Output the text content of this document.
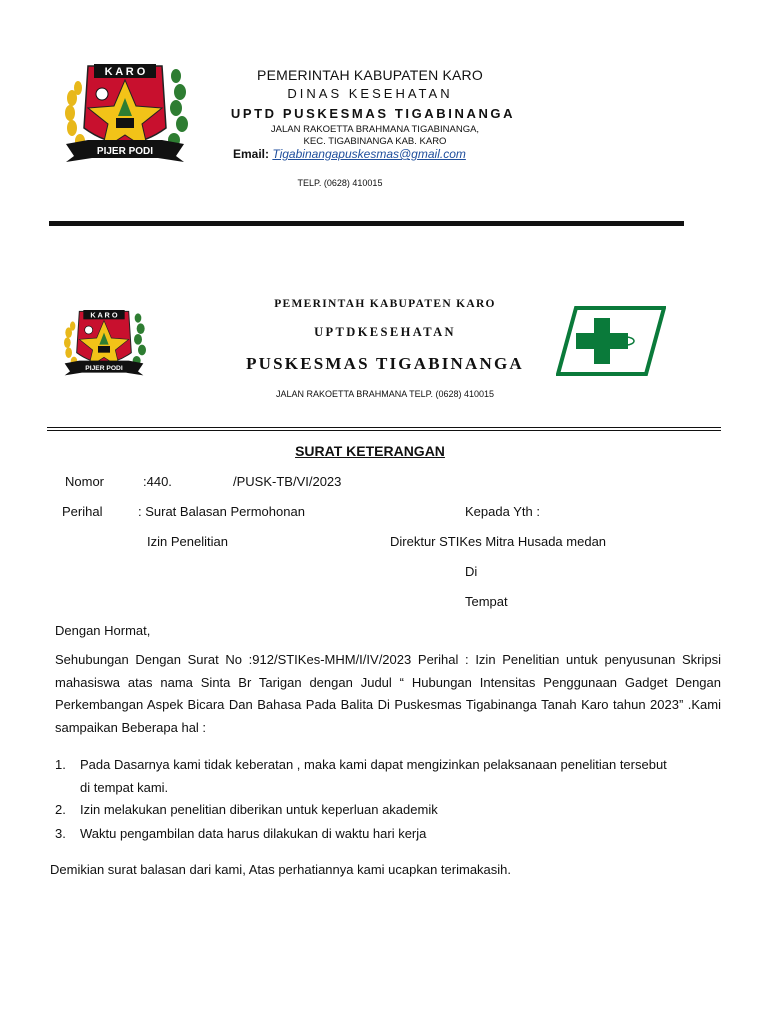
K A R O
PIJER PODI
PEMERINTAH KABUPATEN KARO
DINAS KESEHATAN
UPTD PUSKESMAS TIGABINANGA
JALAN RAKOETTA BRAHMANA TIGABINANGA,
KEC. TIGABINANGA KAB. KARO
Email: Tigabinangapuskesmas@gmail.com
TELP. (0628) 410015
K A R O
PIJER PODI
PEMERINTAH KABUPATEN KARO
UPTDKESEHATAN
PUSKESMAS TIGABINANGA
JALAN RAKOETTA BRAHMANA TELP. (0628) 410015
SURAT KETERANGAN
Nomor	:440.	/PUSK-TB/VI/2023
Perihal	: Surat Balasan Permohonan	Kepada Yth :
Izin Penelitian	Direktur STIKes Mitra Husada medan
Di
Tempat
Dengan Hormat,
Sehubungan Dengan Surat No :912/STIKes-MHM/I/IV/2023 Perihal : Izin Penelitian untuk penyusunan Skripsi mahasiswa atas nama Sinta Br Tarigan dengan Judul “ Hubungan Intensitas Penggunaan Gadget Dengan Perkembangan Aspek Bicara Dan Bahasa Pada Balita Di Puskesmas Tigabinanga Tanah Karo tahun 2023” .Kami sampaikan Beberapa hal :
1. Pada Dasarnya kami tidak keberatan , maka kami dapat mengizinkan pelaksanaan penelitian tersebut
di tempat kami.
2. Izin melakukan penelitian diberikan untuk keperluan akademik
3. Waktu pengambilan data harus dilakukan di waktu hari kerja
Demikian surat balasan dari kami, Atas perhatiannya kami ucapkan terimakasih.
